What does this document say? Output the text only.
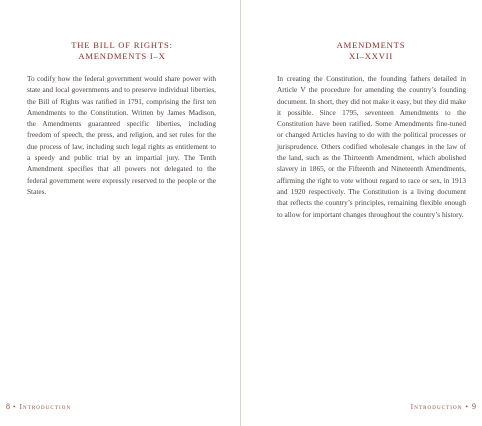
THE BILL OF RIGHTS:
AMENDMENTS I–X

To codify how the federal government would share power with state and local governments and to preserve individual liberties, the Bill of Rights was ratified in 1791, comprising the first ten Amendments to the Constitution. Written by James Madison, the Amendments guaranteed specific liberties, including freedom of speech, the press, and religion, and set rules for the due process of law, including such legal rights as entitlement to a speedy and public trial by an impartial jury. The Tenth Amendment specifies that all powers not delegated to the federal government were expressly reserved to the people or the States.

8 • Introduction
AMENDMENTS
XI–XXVII

In creating the Constitution, the founding fathers detailed in Article V the procedure for amending the country’s founding document. In short, they did not make it easy, but they did make it possible. Since 1795, seventeen Amendments to the Constitution have been ratified. Some Amendments fine-tuned or changed Articles having to do with the political processes or jurisprudence. Others codified wholesale changes in the law of the land, such as the Thirteenth Amendment, which abolished slavery in 1865, or the Fifteenth and Nineteenth Amendments, affirming the right to vote without regard to race or sex, in 1913 and 1920 respectively. The Constitution is a living document that reflects the country’s principles, remaining flexible enough to allow for important changes throughout the country’s history.

Introduction • 9
